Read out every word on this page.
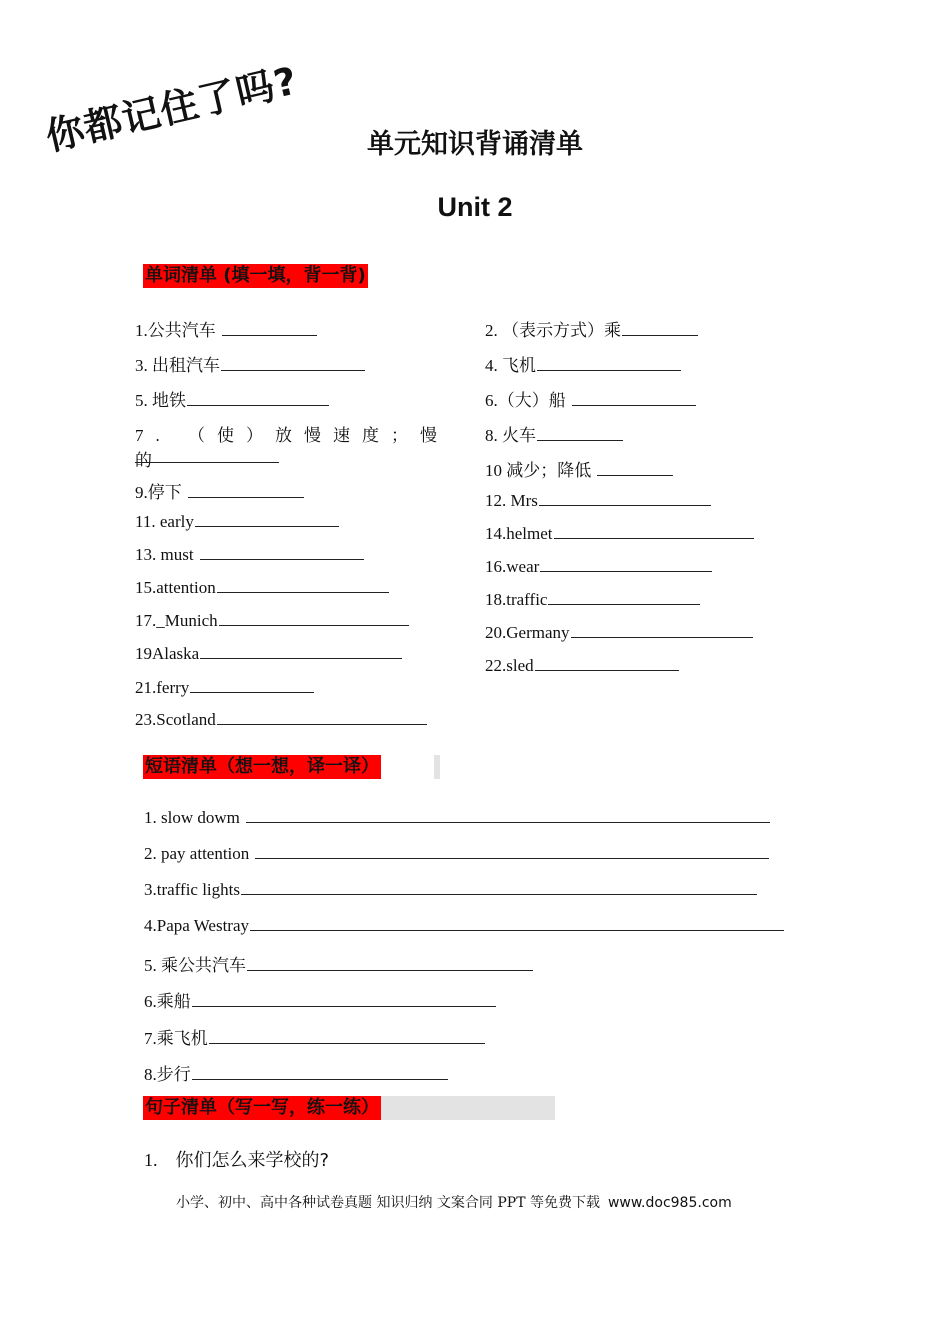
你都记住了吗?	单元知识背诵清单
Unit 2
单词清单 (填一填，背一背)
1.公共汽车
3. 出租汽车
5. 地铁
7. （使）放慢速度；慢的
9.停下
11. early
13. must
15.attention
17._Munich
19Alaska
21.ferry
23.Scotland
2. （表示方式）乘
4. 飞机
6.（大）船
8. 火车
10 减少；降低
12. Mrs
14.helmet
16.wear
18.traffic
20.Germany
22.sled
短语清单（想一想，译一译）
1. slow dowm
2. pay attention
3.traffic lights
4.Papa Westray
5. 乘公共汽车
6.乘船
7.乘飞机
8.步行
句子清单（写一写，练一练）
1. 你们怎么来学校的?
小学、初中、高中各种试卷真题 知识归纳 文案合同 PPT 等免费下载 www.doc985.com
